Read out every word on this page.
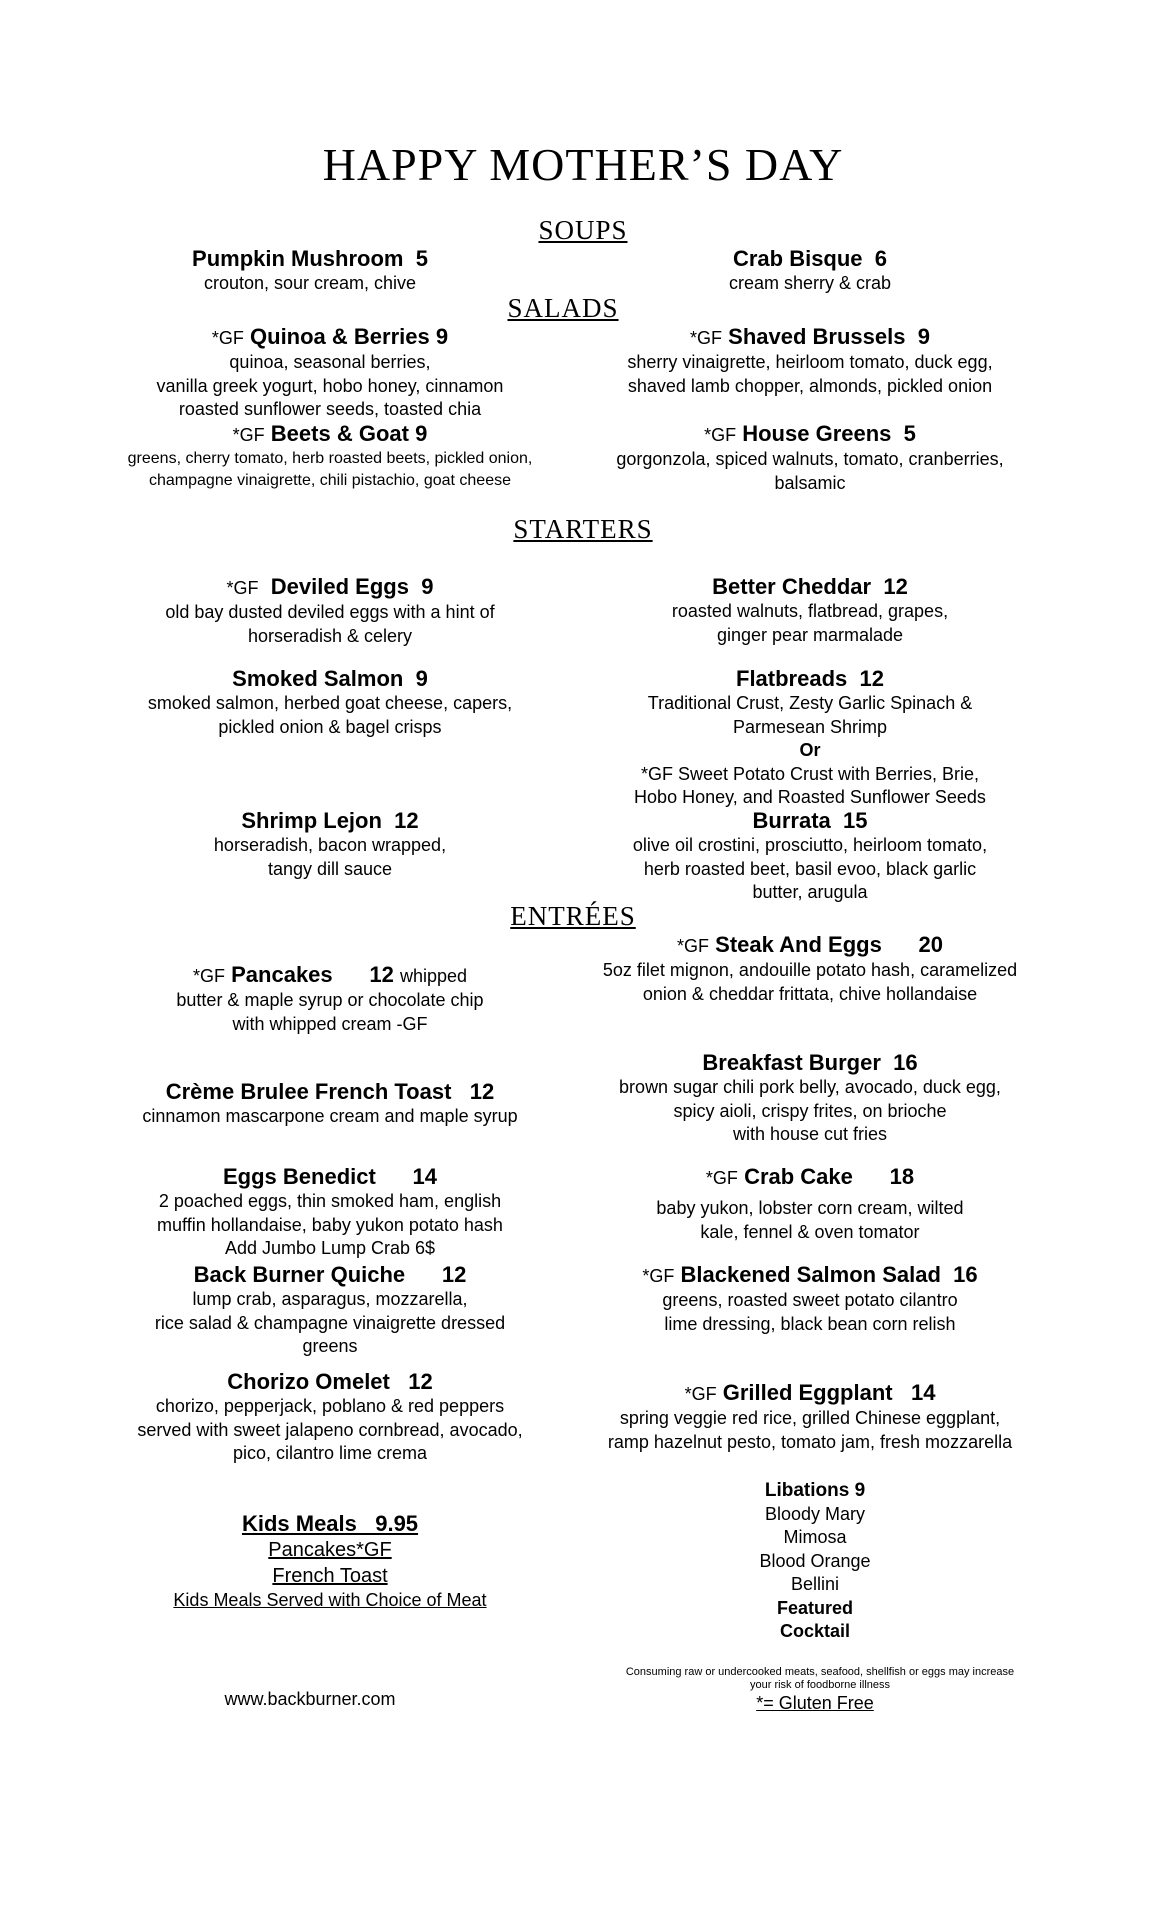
HAPPY MOTHER’S DAY
SOUPS
Pumpkin Mushroom 5
crouton, sour cream, chive
Crab Bisque 6
cream sherry & crab
SALADS
*GF Quinoa & Berries 9
quinoa, seasonal berries,
vanilla greek yogurt, hobo honey, cinnamon
roasted sunflower seeds, toasted chia
*GF Shaved Brussels 9
sherry vinaigrette, heirloom tomato, duck egg,
shaved lamb chopper, almonds, pickled onion
*GF Beets & Goat 9
greens, cherry tomato, herb roasted beets, pickled onion,
champagne vinaigrette, chili pistachio, goat cheese
*GF House Greens 5
gorgonzola, spiced walnuts, tomato, cranberries,
balsamic
STARTERS
*GF Deviled Eggs 9
old bay dusted deviled eggs with a hint of
horseradish & celery
Better Cheddar 12
roasted walnuts, flatbread, grapes,
ginger pear marmalade
Smoked Salmon 9
smoked salmon, herbed goat cheese, capers,
pickled onion & bagel crisps
Flatbreads 12
Traditional Crust, Zesty Garlic Spinach &
Parmesean Shrimp
Or
*GF Sweet Potato Crust with Berries, Brie,
Hobo Honey, and Roasted Sunflower Seeds
Shrimp Lejon 12
horseradish, bacon wrapped,
tangy dill sauce
Burrata 15
olive oil crostini, prosciutto, heirloom tomato,
herb roasted beet, basil evoo, black garlic
butter, arugula
ENTRÉES
*GF Steak And Eggs 20
5oz filet mignon, andouille potato hash, caramelized
onion & cheddar frittata, chive hollandaise
*GF Pancakes 12 whipped
butter & maple syrup or chocolate chip
with whipped cream -GF
Breakfast Burger 16
brown sugar chili pork belly, avocado, duck egg,
spicy aioli, crispy frites, on brioche
with house cut fries
Crème Brulee French Toast 12
cinnamon mascarpone cream and maple syrup
Eggs Benedict 14
2 poached eggs, thin smoked ham, english
muffin hollandaise, baby yukon potato hash
Add Jumbo Lump Crab 6$
*GF Crab Cake 18
baby yukon, lobster corn cream, wilted
kale, fennel & oven tomator
Back Burner Quiche 12
lump crab, asparagus, mozzarella,
rice salad & champagne vinaigrette dressed
greens
*GF Blackened Salmon Salad 16
greens, roasted sweet potato cilantro
lime dressing, black bean corn relish
Chorizo Omelet 12
chorizo, pepperjack, poblano & red peppers
served with sweet jalapeno cornbread, avocado,
pico, cilantro lime crema
*GF Grilled Eggplant 14
spring veggie red rice, grilled Chinese eggplant,
ramp hazelnut pesto, tomato jam, fresh mozzarella
Kids Meals   9.95
Pancakes*GF
French Toast
Kids Meals Served with Choice of Meat
Libations 9
Bloody Mary
Mimosa
Blood Orange
Bellini
Featured
Cocktail
www.backburner.com
Consuming raw or undercooked meats, seafood, shellfish or eggs may increase
your risk of foodborne illness
*= Gluten Free
